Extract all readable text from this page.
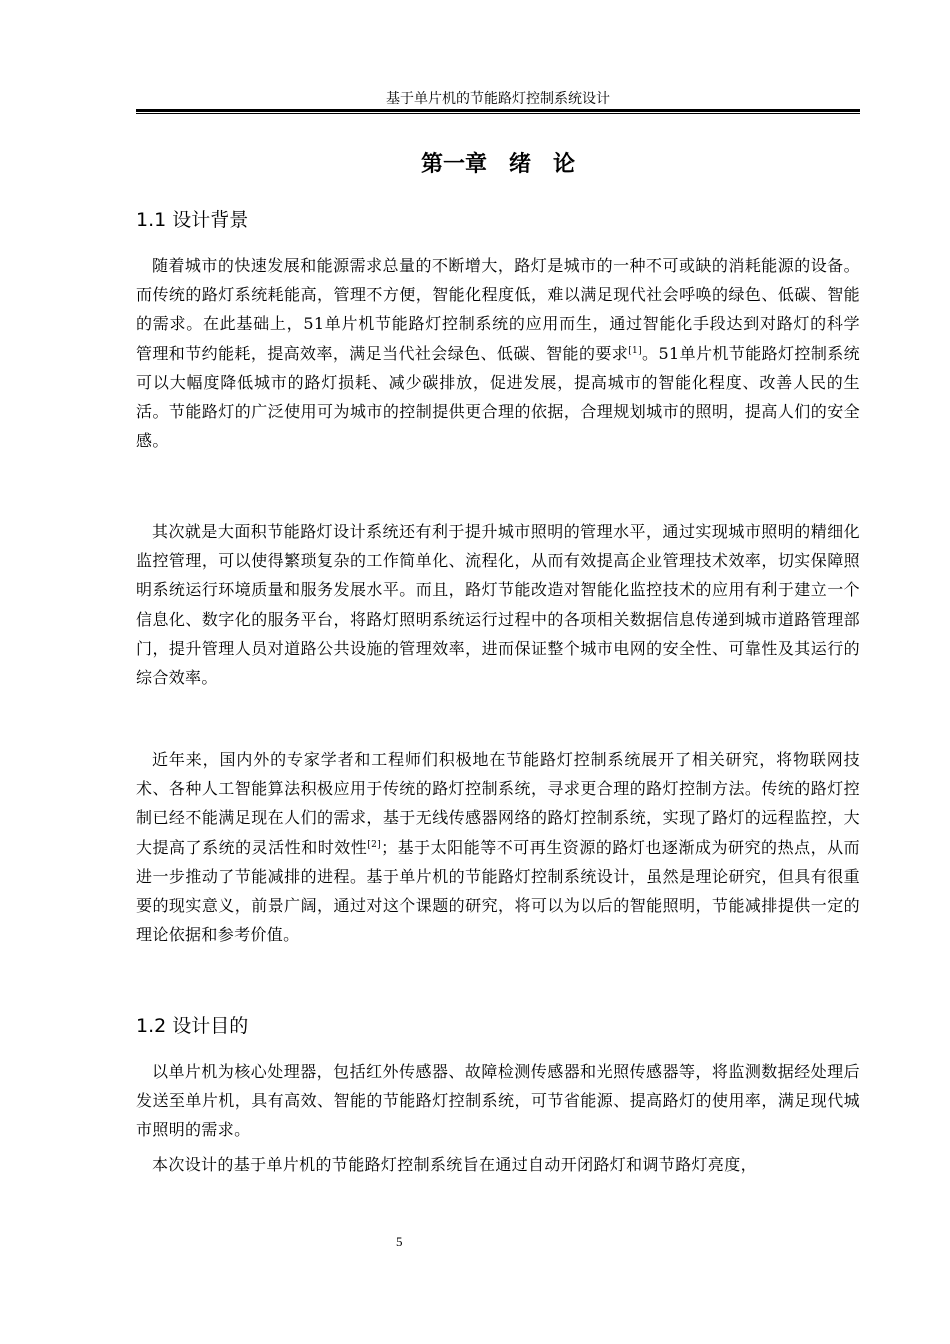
基于单片机的节能路灯控制系统设计
第一章　绪　论
1.1 设计背景
随着城市的快速发展和能源需求总量的不断增大，路灯是城市的一种不可或缺的消耗能源的设备。而传统的路灯系统耗能高，管理不方便，智能化程度低，难以满足现代社会呼唤的绿色、低碳、智能的需求。在此基础上，51单片机节能路灯控制系统的应用而生，通过智能化手段达到对路灯的科学管理和节约能耗，提高效率，满足当代社会绿色、低碳、智能的要求[1]。51单片机节能路灯控制系统可以大幅度降低城市的路灯损耗、减少碳排放，促进发展，提高城市的智能化程度、改善人民的生活。节能路灯的广泛使用可为城市的控制提供更合理的依据，合理规划城市的照明，提高人们的安全感。
其次就是大面积节能路灯设计系统还有利于提升城市照明的管理水平，通过实现城市照明的精细化监控管理，可以使得繁琐复杂的工作简单化、流程化，从而有效提高企业管理技术效率，切实保障照明系统运行环境质量和服务发展水平。而且，路灯节能改造对智能化监控技术的应用有利于建立一个信息化、数字化的服务平台，将路灯照明系统运行过程中的各项相关数据信息传递到城市道路管理部门，提升管理人员对道路公共设施的管理效率，进而保证整个城市电网的安全性、可靠性及其运行的综合效率。
近年来，国内外的专家学者和工程师们积极地在节能路灯控制系统展开了相关研究，将物联网技术、各种人工智能算法积极应用于传统的路灯控制系统，寻求更合理的路灯控制方法。传统的路灯控制已经不能满足现在人们的需求，基于无线传感器网络的路灯控制系统，实现了路灯的远程监控，大大提高了系统的灵活性和时效性[2]；基于太阳能等不可再生资源的路灯也逐渐成为研究的热点，从而进一步推动了节能减排的进程。基于单片机的节能路灯控制系统设计，虽然是理论研究，但具有很重要的现实意义，前景广阔，通过对这个课题的研究，将可以为以后的智能照明，节能减排提供一定的理论依据和参考价值。
1.2 设计目的
以单片机为核心处理器，包括红外传感器、故障检测传感器和光照传感器等，将监测数据经处理后发送至单片机，具有高效、智能的节能路灯控制系统，可节省能源、提高路灯的使用率，满足现代城市照明的需求。
本次设计的基于单片机的节能路灯控制系统旨在通过自动开闭路灯和调节路灯亮度，
5
